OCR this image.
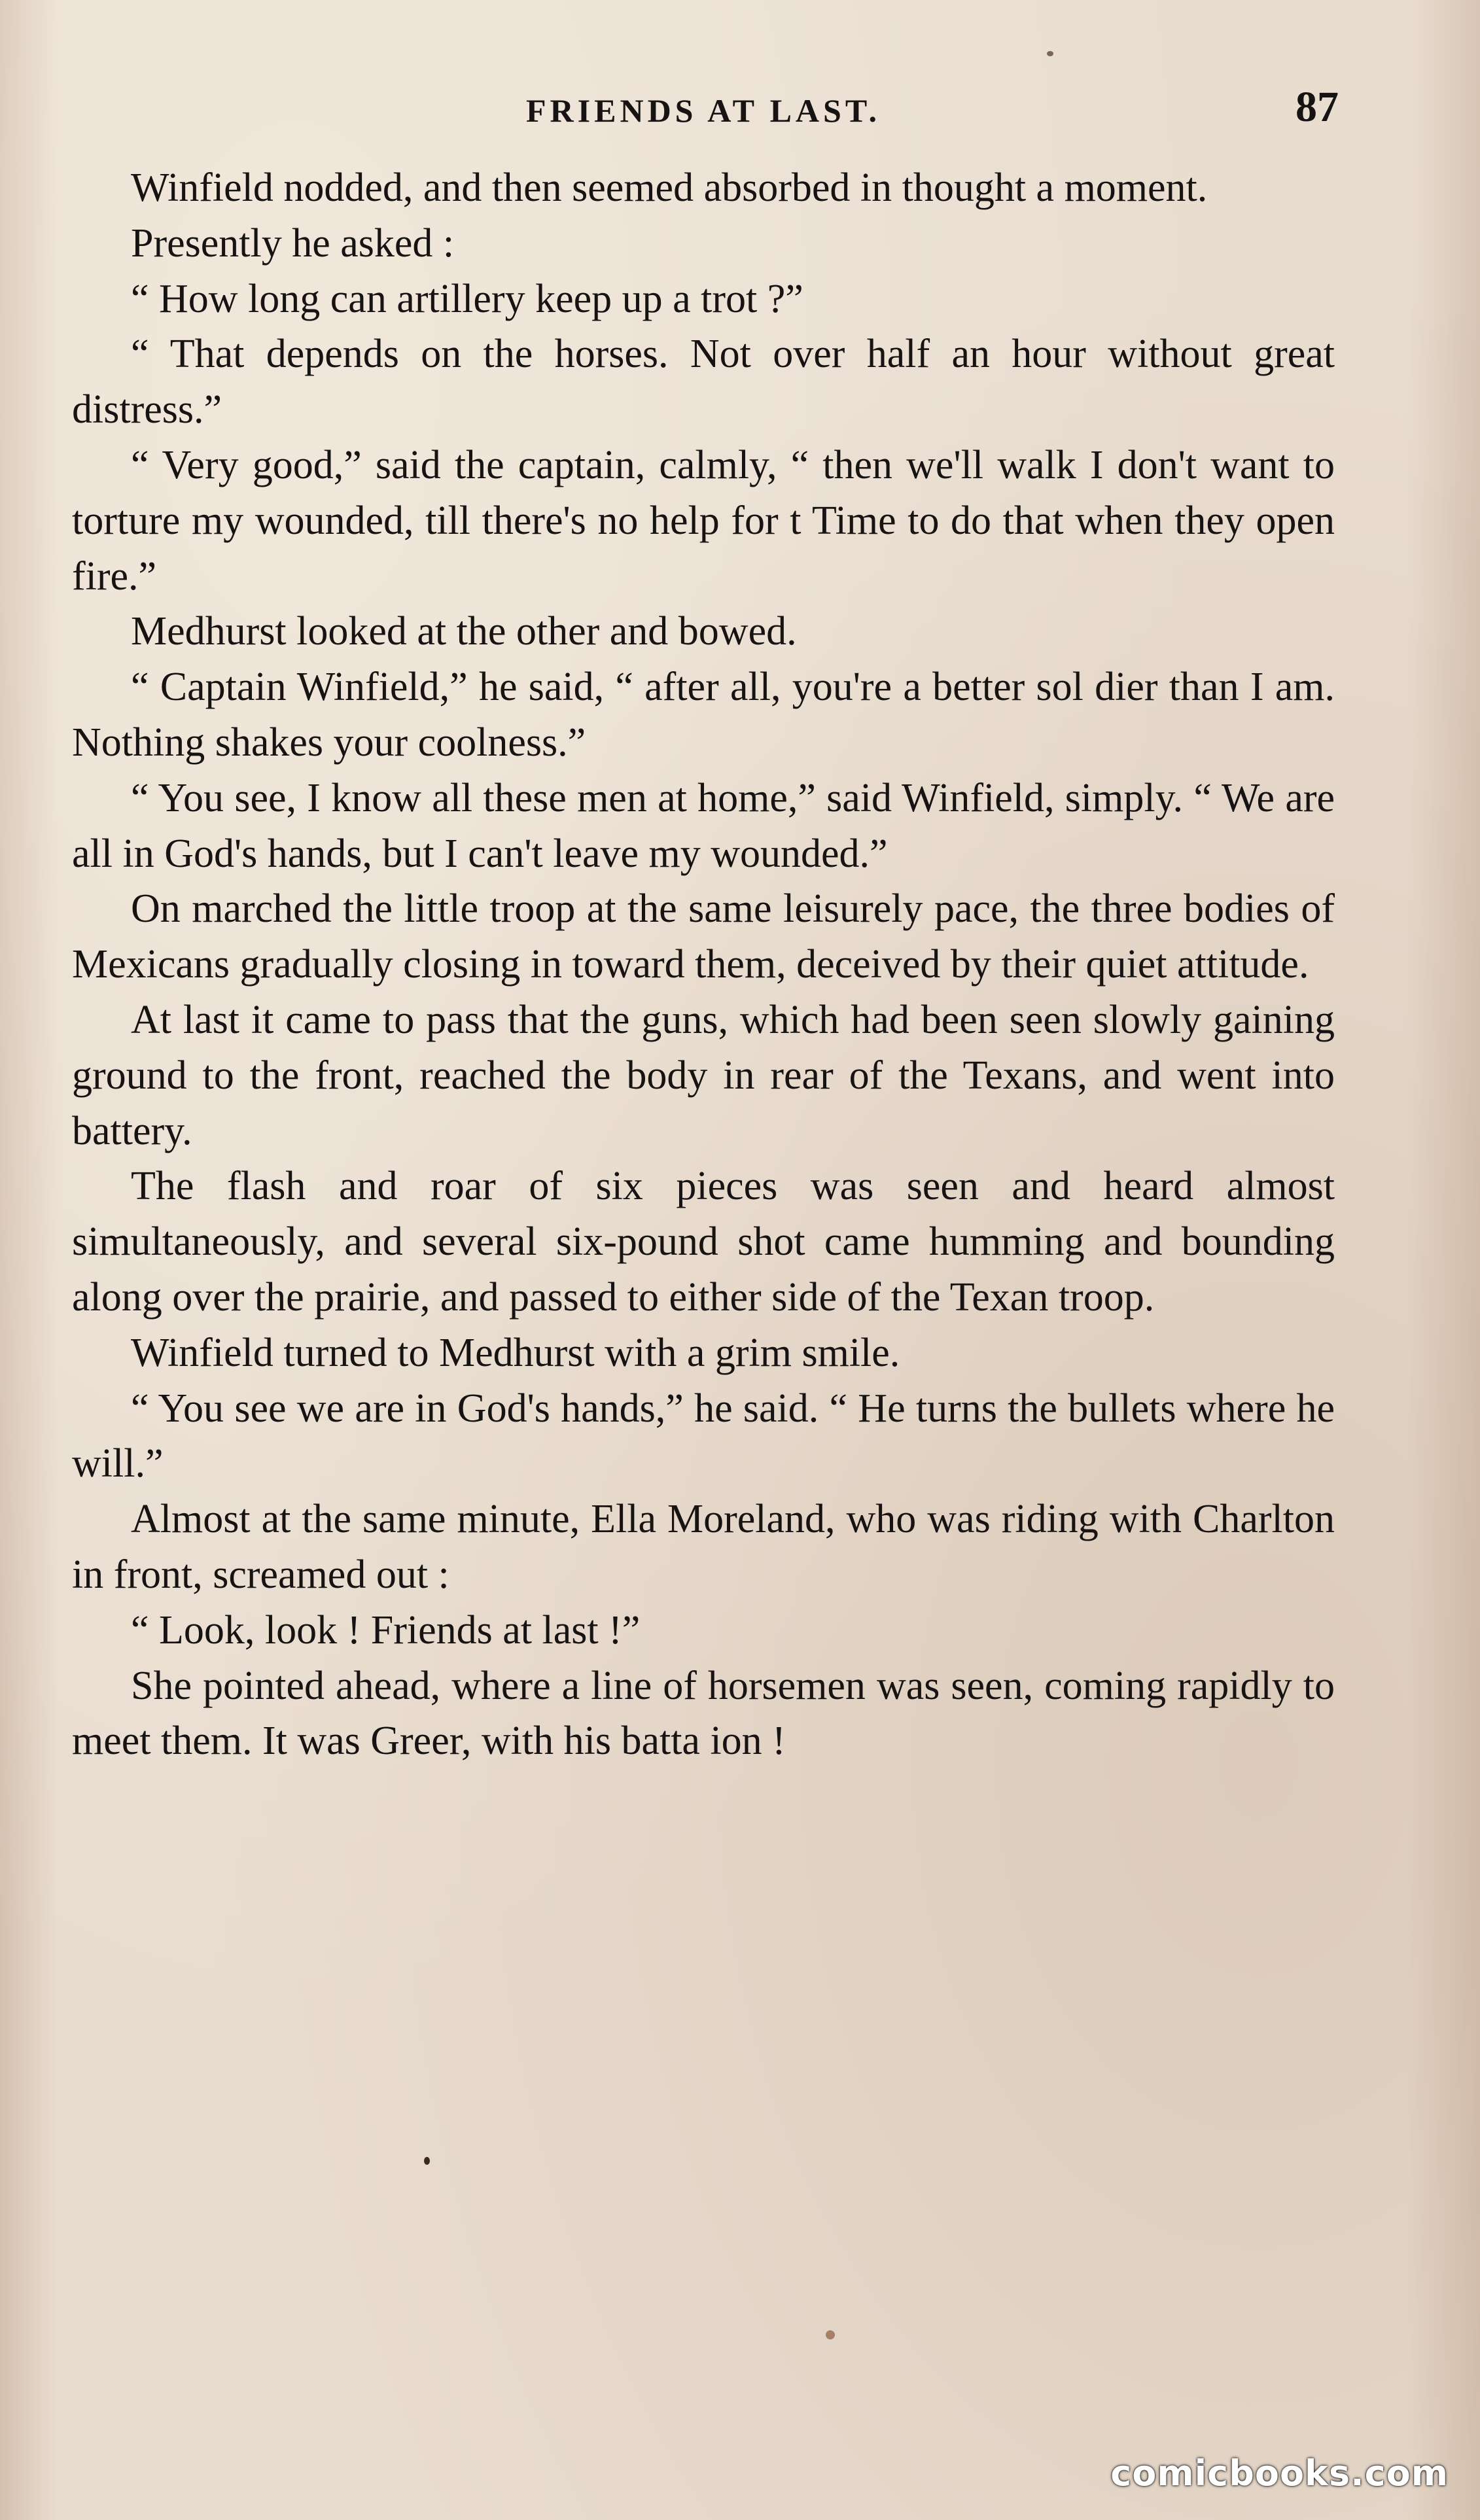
FRIENDS AT LAST.	87

Winfield nodded, and then seemed absorbed in thought a moment.

Presently he asked :

“ How long can artillery keep up a trot ?”

“ That depends on the horses. Not over half an hour without great distress.”

“ Very good,” said the captain, calmly, “ then we'll walk I don't want to torture my wounded, till there's no help for t Time to do that when they open fire.”

Medhurst looked at the other and bowed.

“ Captain Winfield,” he said, “ after all, you're a better sol dier than I am. Nothing shakes your coolness.”

“ You see, I know all these men at home,” said Winfield, simply. “ We are all in God's hands, but I can't leave my wounded.”

On marched the little troop at the same leisurely pace, the three bodies of Mexicans gradually closing in toward them, deceived by their quiet attitude.

At last it came to pass that the guns, which had been seen slowly gaining ground to the front, reached the body in rear of the Texans, and went into battery.

The flash and roar of six pieces was seen and heard almost simultaneously, and several six-pound shot came humming and bounding along over the prairie, and passed to either side of the Texan troop.

Winfield turned to Medhurst with a grim smile.

“ You see we are in God's hands,” he said. “ He turns the bullets where he will.”

Almost at the same minute, Ella Moreland, who was riding with Charlton in front, screamed out :

“ Look, look ! Friends at last !”

She pointed ahead, where a line of horsemen was seen, coming rapidly to meet them. It was Greer, with his batta ion !

comicbooks.com
